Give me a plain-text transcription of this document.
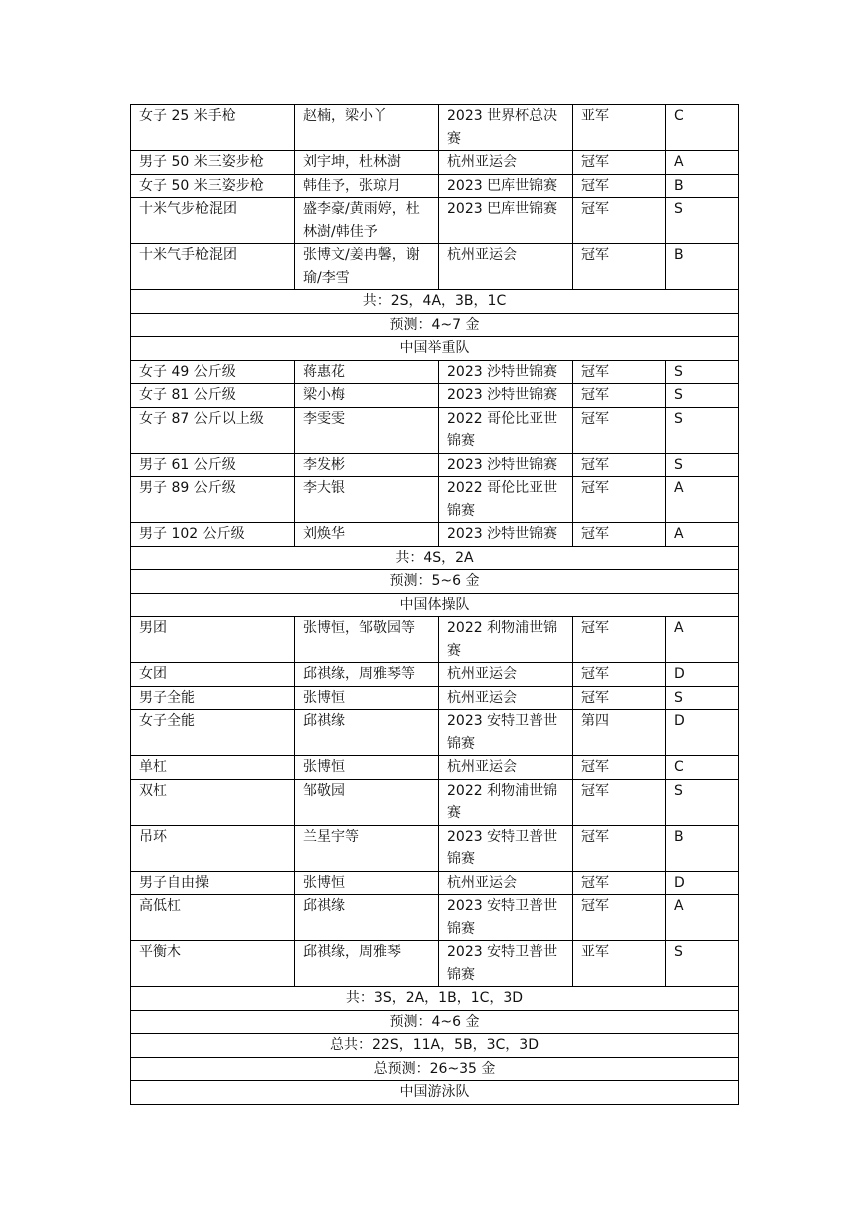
女子 25 米手枪	赵楠，梁小丫	2023 世界杯总决赛	亚军	C
男子 50 米三姿步枪	刘宇坤，杜林澍	杭州亚运会	冠军	A
女子 50 米三姿步枪	韩佳予，张琼月	2023 巴库世锦赛	冠军	B
十米气步枪混团	盛李豪/黄雨婷，杜林澍/韩佳予	2023 巴库世锦赛	冠军	S
十米气手枪混团	张博文/姜冉馨，谢瑜/李雪	杭州亚运会	冠军	B
共：2S，4A，3B，1C				
预测：4~7 金				
中国举重队				
女子 49 公斤级	蒋惠花	2023 沙特世锦赛	冠军	S
女子 81 公斤级	梁小梅	2023 沙特世锦赛	冠军	S
女子 87 公斤以上级	李雯雯	2022 哥伦比亚世锦赛	冠军	S
男子 61 公斤级	李发彬	2023 沙特世锦赛	冠军	S
男子 89 公斤级	李大银	2022 哥伦比亚世锦赛	冠军	A
男子 102 公斤级	刘焕华	2023 沙特世锦赛	冠军	A
共：4S，2A				
预测：5~6 金				
中国体操队				
男团	张博恒，邹敬园等	2022 利物浦世锦赛	冠军	A
女团	邱祺缘，周雅琴等	杭州亚运会	冠军	D
男子全能	张博恒	杭州亚运会	冠军	S
女子全能	邱祺缘	2023 安特卫普世锦赛	第四	D
单杠	张博恒	杭州亚运会	冠军	C
双杠	邹敬园	2022 利物浦世锦赛	冠军	S
吊环	兰星宇等	2023 安特卫普世锦赛	冠军	B
男子自由操	张博恒	杭州亚运会	冠军	D
高低杠	邱祺缘	2023 安特卫普世锦赛	冠军	A
平衡木	邱祺缘，周雅琴	2023 安特卫普世锦赛	亚军	S
共：3S，2A，1B，1C，3D				
预测：4~6 金				
总共：22S，11A，5B，3C，3D				
总预测：26~35 金				
中国游泳队				
